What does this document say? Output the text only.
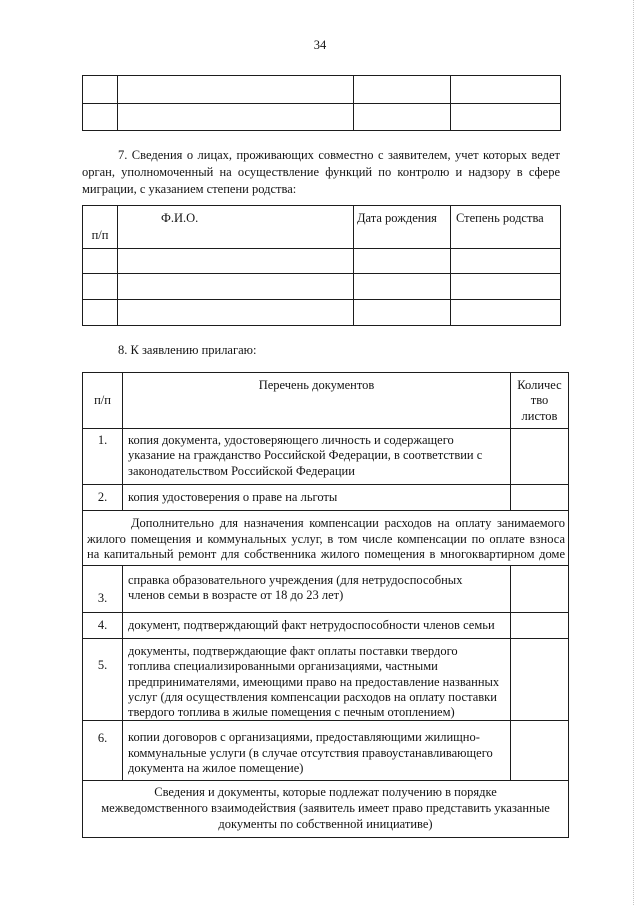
34

7. Сведения о лицах, проживающих совместно с заявителем, учет которых ведет
орган, уполномоченный на осуществление функций по контролю и надзору в сфере
миграции, с указанием степени родства:
п/п	Ф.И.О.	Дата рождения	Степень родства

8. К заявлению прилагаю:
п/п	Перечень документов	Количес
тво
листов

1.	копия документа, удостоверяющего личность и содержащего
указание на гражданство Российской Федерации, в соответствии с
законодательством Российской Федерации	

2.	копия удостоверения о праве на льготы	

Дополнительно для назначения компенсации расходов на оплату занимаемого
жилого помещения и коммунальных услуг, в том числе компенсации по оплате взноса
на капитальный ремонт для собственника жилого помещения в многоквартирном доме		

3.	справка образовательного учреждения (для нетрудоспособных
членов семьи в возрасте от 18 до 23 лет)	

4.	документ, подтверждающий факт нетрудоспособности членов семьи	

5.	документы, подтверждающие факт оплаты поставки твердого
топлива специализированными организациями, частными
предпринимателями, имеющими право на предоставление названных
услуг (для осуществления компенсации расходов на оплату поставки
твердого топлива в жилые помещения с печным отоплением)	

6.	копии договоров с организациями, предоставляющими жилищно-
коммунальные услуги (в случае отсутствия правоустанавливающего
документа на жилое помещение)	

Сведения и документы, которые подлежат получению в порядке
межведомственного взаимодействия (заявитель имеет право представить указанные
документы по собственной инициативе)		
